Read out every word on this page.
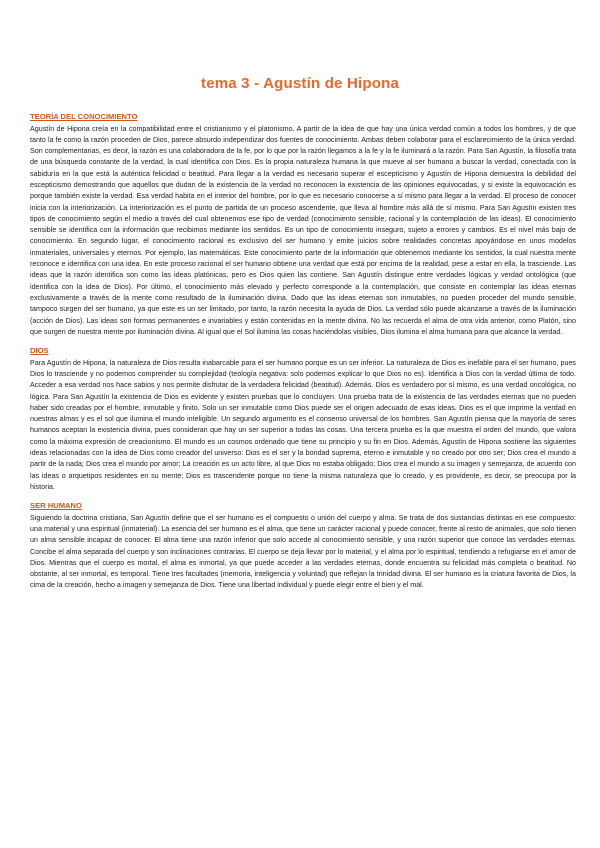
tema 3 - Agustín de Hipona
TEORÍA DEL CONOCIMIENTO

Agustín de Hipona creía en la compatibilidad entre el cristianismo y el platonismo. A partir de la idea de que hay una única verdad común a todos los hombres, y de que tanto la fe como la razón proceden de Dios, parece absurdo independizar dos fuentes de conocimiento. Ambas deben colaborar para el esclarecimiento de la única verdad. Son complementarias, es decir, la razón es una colaboradora de la fe, por lo que por la razón llegamos a la fe y la fe iluminará a la razón. Para San Agustín, la filosofía trata de una búsqueda constante de la verdad, la cual identifica con Dios. Es la propia naturaleza humana la que mueve al ser humano a buscar la verdad, conectada con la sabiduría en la que está la auténtica felicidad o beatitud. Para llegar a la verdad es necesario superar el escepticismo y Agustín de Hipona demuestra la debilidad del escepticismo demostrando que aquellos que dudan de la existencia de la verdad no reconocen la existencia de las opiniones equivocadas, y si existe la equivocación es porque también existe la verdad. Esa verdad habita en el interior del hombre, por lo que es necesario conocerse a sí mismo para llegar a la verdad. El proceso de conocer inicia con la interiorización. La interiorización es el punto de partida de un proceso ascendente, que lleva al hombre más allá de sí mismo. Para San Agustín existen tres tipos de conocimiento según el medio a través del cual obtenemos ese tipo de verdad (conocimiento sensible, racional y la contemplación de las ideas). El conocimiento sensible se identifica con la información que recibimos mediante los sentidos. Es un tipo de conocimiento inseguro, sujeto a errores y cambios. Es el nivel más bajo de conocimiento. En segundo lugar, el conocimiento racional es exclusivo del ser humano y emite juicios sobre realidades concretas apoyándose en unos modelos inmateriales, universales y eternos. Por ejemplo, las matemáticas. Este conocimiento parte de la información que obtenemos mediante los sentidos, la cual nuestra mente reconoce e identifica con una idea. En este proceso racional el ser humano obtiene una verdad que está por encima de la realidad, pese a estar en ella, la trasciende. Las ideas que la razón identifica son como las ideas platónicas, pero es Dios quien las contiene. San Agustín distingue entre verdades lógicas y verdad ontológica (que identifica con la idea de Dios). Por último, el conocimiento más elevado y perfecto corresponde a la contemplación, que consiste en contemplar las ideas eternas exclusivamente a través de la mente como resultado de la iluminación divina. Dado que las ideas eternas son inmutables, no pueden proceder del mundo sensible, tampoco surgen del ser humano, ya que este es un ser limitado, por tanto, la razón necesita la ayuda de Dios. La verdad sólo puede alcanzarse a través de la iluminación (acción de Dios). Las ideas son formas permanentes e invariables y están contenidas en la mente divina. No las recuerda el alma de otra vida anterior, como Platón, sino que surgen de nuestra mente por iluminación divina. Al igual que el Sol ilumina las cosas haciéndolas visibles, Dios ilumina el alma humana para que alcance la verdad.

DIOS

Para Agustín de Hipona, la naturaleza de Dios resulta inabarcable para el ser humano porque es un ser inferior. La naturaleza de Dios es inefable para el ser humano, pues Dios lo trasciende y no podemos comprender su complejidad (teología negativa: solo podemos explicar lo que Dios no es). Identifica a Dios con la verdad última de todo. Acceder a esa verdad nos hace sabios y nos permite disfrutar de la verdadera felicidad (beatitud). Además. Dios es verdadero por sí mismo, es una verdad oncológica, no lógica. Para San Agustín la existencia de Dios es evidente y existen pruebas que lo concluyen. Una prueba trata de la existencia de las verdades eternas que no pueden haber sido creadas por el hombre, inmutable y finito. Solo un ser inmutable como Dios puede ser el origen adecuado de esas ideas. Dios es el que imprime la verdad en nuestras almas y es el sol que ilumina el mundo inteligible. Un segundo argumento es el consenso universal de los hombres. San Agustín piensa que la mayoría de seres humanos aceptan la existencia divina, pues consideran que hay un ser superior a todas las cosas. Una tercera prueba es la que muestra el orden del mundo, que valora como la máxima expresión de creacionismo. El mundo es un cosmos ordenado que tiene su principio y su fin en Dios. Además, Agustín de Hipona sostiene las siguientes ideas relacionadas con la idea de Dios como creador del universo: Dios es el ser y la bondad suprema, eterno e inmutable y no creado por otro ser; Dios crea el mundo a partir de la nada; Dios crea el mundo por amor; La creación es un acto libre, al que Dios no estaba obligado; Dios crea el mundo a su imagen y semejanza, de acuerdo con las ideas o arquetipos residentes en su mente; Dios es trascendente porque no tiene la misma naturaleza que lo creado, y es providente, es decir, se preocupa por la historia.

SER HUMANO

Siguiendo la doctrina cristiana, San Agustín define que el ser humano es el compuesto o unión del cuerpo y alma. Se trata de dos sustancias distintas en ese compuesto: una material y una espiritual (inmaterial). La esencia del ser humano es el alma, que tiene un carácter racional y puede conocer, frente al resto de animales, que solo tienen un alma sensible incapaz de conocer. El alma tiene una razón inferior que solo accede al conocimiento sensible, y una razón superior que conoce las verdades eternas. Concibe el alma separada del cuerpo y son inclinaciones contrarias. El cuerpo se deja llevar por lo material, y el alma por lo espiritual, tendiendo a refugiarse en el amor de Dios. Mientras que el cuerpo es mortal, el alma es inmortal, ya que puede acceder a las verdades eternas, donde encuentra su felicidad más completa o beatitud. No obstante, al ser inmortal, es temporal. Tiene tres facultades (memoria, inteligencia y voluntad) que reflejan la trinidad divina. El ser humano es la criatura favorita de Dios, la cima de la creación, hecho a imagen y semejanza de Dios. Tiene una libertad individual y puede elegir entre el bien y el mal.
